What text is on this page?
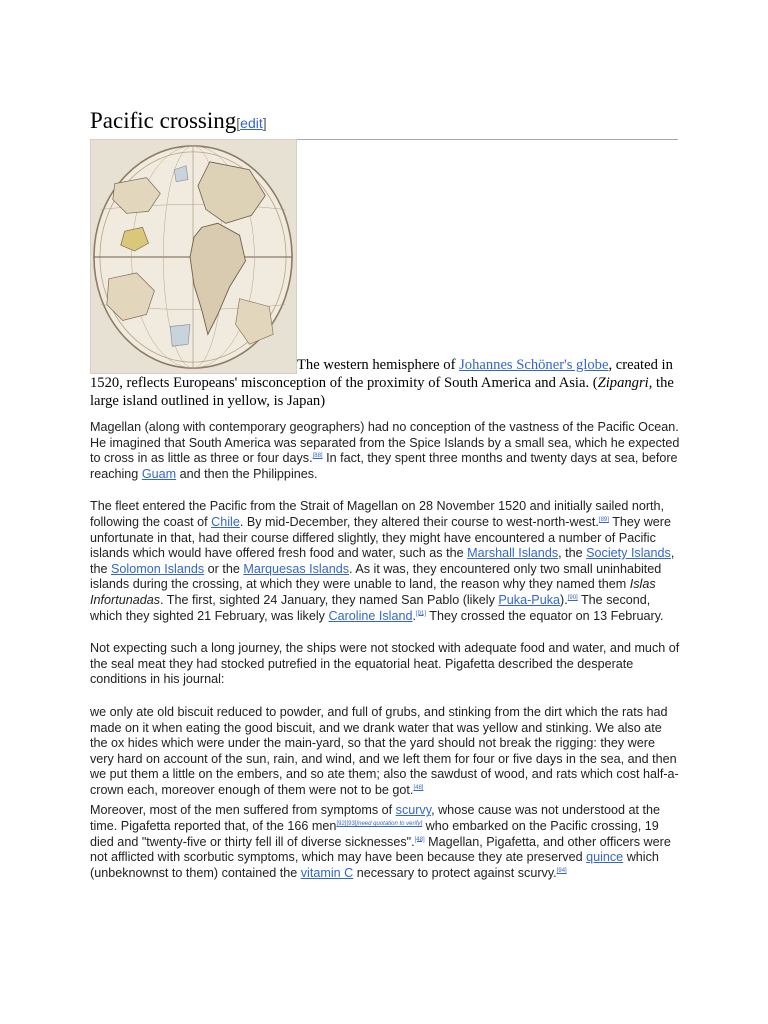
Pacific crossing[edit]
The western hemisphere of Johannes Schöner's globe, created in 1520, reflects Europeans' misconception of the proximity of South America and Asia. (Zipangri, the large island outlined in yellow, is Japan)

Magellan (along with contemporary geographers) had no conception of the vastness of the Pacific Ocean. He imagined that South America was separated from the Spice Islands by a small sea, which he expected to cross in as little as three or four days.[88] In fact, they spent three months and twenty days at sea, before reaching Guam and then the Philippines.

The fleet entered the Pacific from the Strait of Magellan on 28 November 1520 and initially sailed north, following the coast of Chile. By mid-December, they altered their course to west-north-west.[89] They were unfortunate in that, had their course differed slightly, they might have encountered a number of Pacific islands which would have offered fresh food and water, such as the Marshall Islands, the Society Islands, the Solomon Islands or the Marquesas Islands. As it was, they encountered only two small uninhabited islands during the crossing, at which they were unable to land, the reason why they named them Islas Infortunadas. The first, sighted 24 January, they named San Pablo (likely Puka-Puka).[90] The second, which they sighted 21 February, was likely Caroline Island.[91] They crossed the equator on 13 February.

Not expecting such a long journey, the ships were not stocked with adequate food and water, and much of the seal meat they had stocked putrefied in the equatorial heat. Pigafetta described the desperate conditions in his journal:

we only ate old biscuit reduced to powder, and full of grubs, and stinking from the dirt which the rats had made on it when eating the good biscuit, and we drank water that was yellow and stinking. We also ate the ox hides which were under the main-yard, so that the yard should not break the rigging: they were very hard on account of the sun, rain, and wind, and we left them for four or five days in the sea, and then we put them a little on the embers, and so ate them; also the sawdust of wood, and rats which cost half-a-crown each, moreover enough of them were not to be got.[48]

Moreover, most of the men suffered from symptoms of scurvy, whose cause was not understood at the time. Pigafetta reported that, of the 166 men[92][93][need quotation to verify] who embarked on the Pacific crossing, 19 died and "twenty-five or thirty fell ill of diverse sicknesses".[48] Magellan, Pigafetta, and other officers were not afflicted with scorbutic symptoms, which may have been because they ate preserved quince which (unbeknownst to them) contained the vitamin C necessary to protect against scurvy.[94]
